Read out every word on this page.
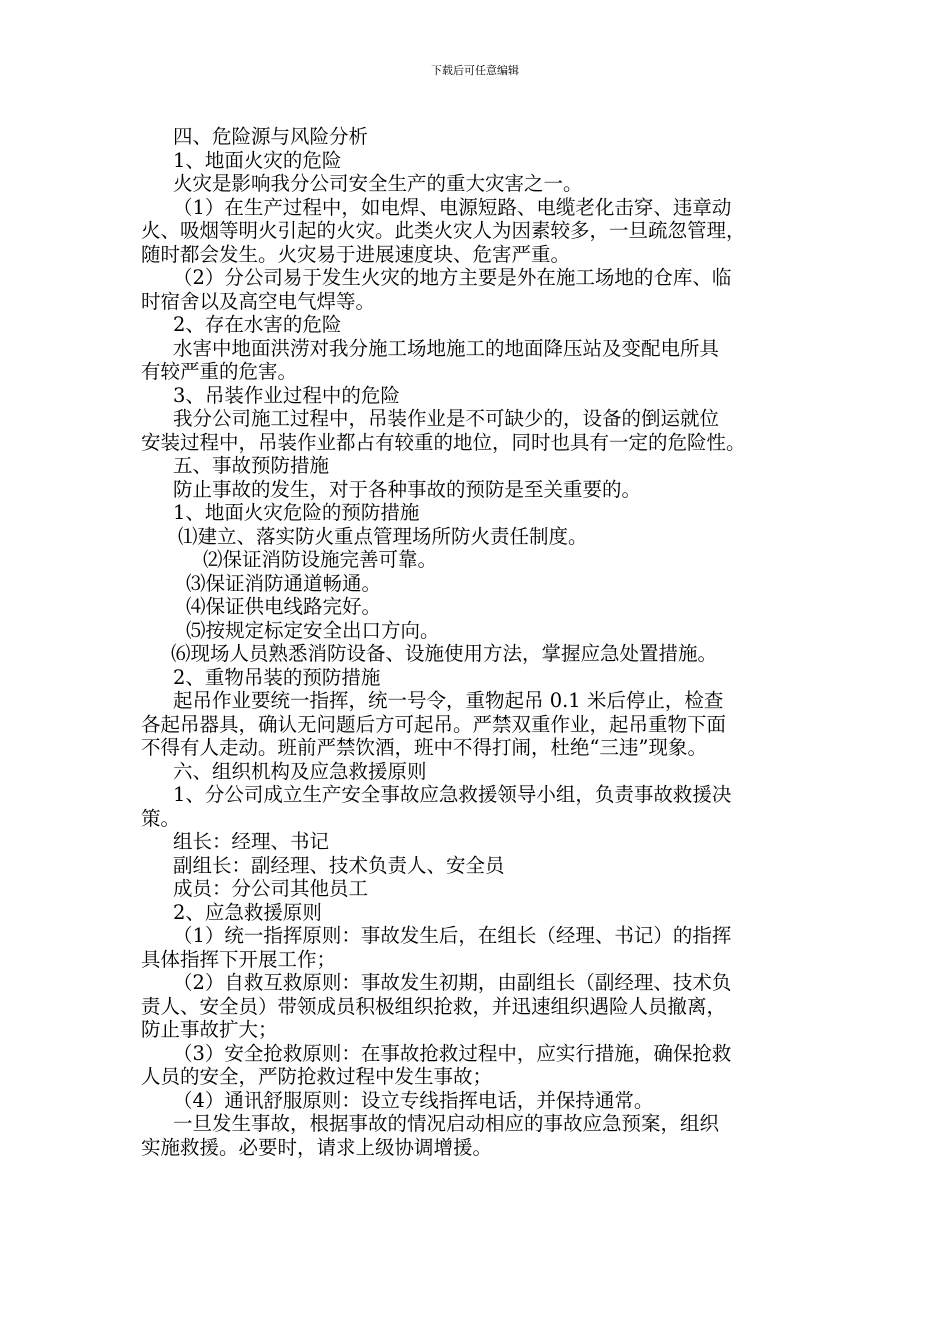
下载后可任意编辑
四、危险源与风险分析
1、地面火灾的危险
火灾是影响我分公司安全生产的重大灾害之一。
（1）在生产过程中，如电焊、电源短路、电缆老化击穿、违章动
火、吸烟等明火引起的火灾。此类火灾人为因素较多，一旦疏忽管理，
随时都会发生。火灾易于进展速度块、危害严重。
（2）分公司易于发生火灾的地方主要是外在施工场地的仓库、临
时宿舍以及高空电气焊等。
2、存在水害的危险
水害中地面洪涝对我分施工场地施工的地面降压站及变配电所具
有较严重的危害。
3、吊装作业过程中的危险
我分公司施工过程中，吊装作业是不可缺少的，设备的倒运就位
安装过程中，吊装作业都占有较重的地位，同时也具有一定的危险性。
五、事故预防措施
防止事故的发生，对于各种事故的预防是至关重要的。
1、地面火灾危险的预防措施
⑴建立、落实防火重点管理场所防火责任制度。
⑵保证消防设施完善可靠。
⑶保证消防通道畅通。
⑷保证供电线路完好。
⑸按规定标定安全出口方向。
⑹现场人员熟悉消防设备、设施使用方法，掌握应急处置措施。
2、重物吊装的预防措施
起吊作业要统一指挥，统一号令，重物起吊 0.1 米后停止，检查
各起吊器具，确认无问题后方可起吊。严禁双重作业，起吊重物下面
不得有人走动。班前严禁饮酒，班中不得打闹，杜绝“三违”现象。
六、组织机构及应急救援原则
1、分公司成立生产安全事故应急救援领导小组，负责事故救援决
策。
组长：经理、书记
副组长：副经理、技术负责人、安全员
成员：分公司其他员工
2、应急救援原则
（1）统一指挥原则：事故发生后，在组长（经理、书记）的指挥
具体指挥下开展工作；
（2）自救互救原则：事故发生初期，由副组长（副经理、技术负
责人、安全员）带领成员积极组织抢救，并迅速组织遇险人员撤离，
防止事故扩大；
（3）安全抢救原则：在事故抢救过程中，应实行措施，确保抢救
人员的安全，严防抢救过程中发生事故；
（4）通讯舒服原则：设立专线指挥电话，并保持通常。
一旦发生事故，根据事故的情况启动相应的事故应急预案，组织
实施救援。必要时，请求上级协调增援。
